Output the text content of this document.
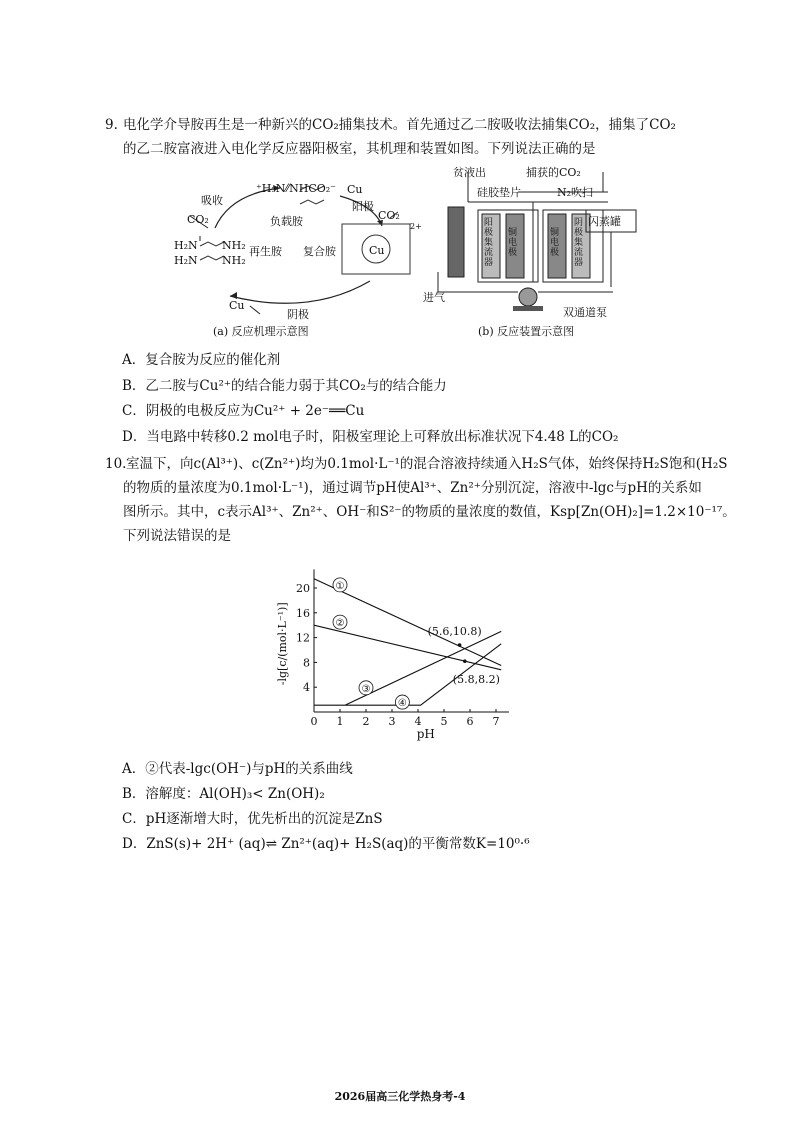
9. 电化学介导胺再生是一种新兴的CO₂捕集技术。首先通过乙二胺吸收法捕集CO₂，捕集了CO₂
的乙二胺富液进入电化学反应器阳极室，其机理和装置如图。下列说法正确的是
吸收
CO₂
⁺H₃N⁄⁄NHCO₂⁻
负载胺
Cu
阳极
CO₂
H₂N NH₂
H₂N NH₂
再生胺 复合胺	Cu
2+
Cu
阴极
(a) 反应机理示意图
贫液出	捕获的CO₂
硅胶垫片	N₂吹扫
闪蒸罐
阳极集流器
铜电极
铜电极
阴极集流器
进气
双通道泵
(b) 反应装置示意图
A．复合胺为反应的催化剂
B．乙二胺与Cu²⁺的结合能力弱于其CO₂与的结合能力
C．阴极的电极反应为Cu²⁺ + 2e⁻══Cu
D．当电路中转移0.2 mol电子时，阳极室理论上可释放出标准状况下4.48 L的CO₂
10. 室温下，向c(Al³⁺)、c(Zn²⁺)均为0.1mol·L⁻¹的混合溶液持续通入H₂S气体，始终保持H₂S饱和(H₂S
的物质的量浓度为0.1mol·L⁻¹)，通过调节pH使Al³⁺、Zn²⁺分别沉淀，溶液中-lgc与pH的关系如
图所示。其中，c表示Al³⁺、Zn²⁺、OH⁻和S²⁻的物质的量浓度的数值，Ksp[Zn(OH)₂]=1.2×10⁻¹⁷。
下列说法错误的是
0 1 2 3 4 5 6 7
4
8
12
16
20
pH
-lg[c/(mol·L⁻¹)]
①
②
③
④
(5.6,10.8)
(5.8,8.2)
A．②代表-lgc(OH⁻)与pH的关系曲线
B．溶解度：Al(OH)₃< Zn(OH)₂
C．pH逐渐增大时，优先析出的沉淀是ZnS
D．ZnS(s)+ 2H⁺ (aq)⇌ Zn²⁺(aq)+ H₂S(aq)的平衡常数K=10⁰·⁶
2026届高三化学热身考-4
